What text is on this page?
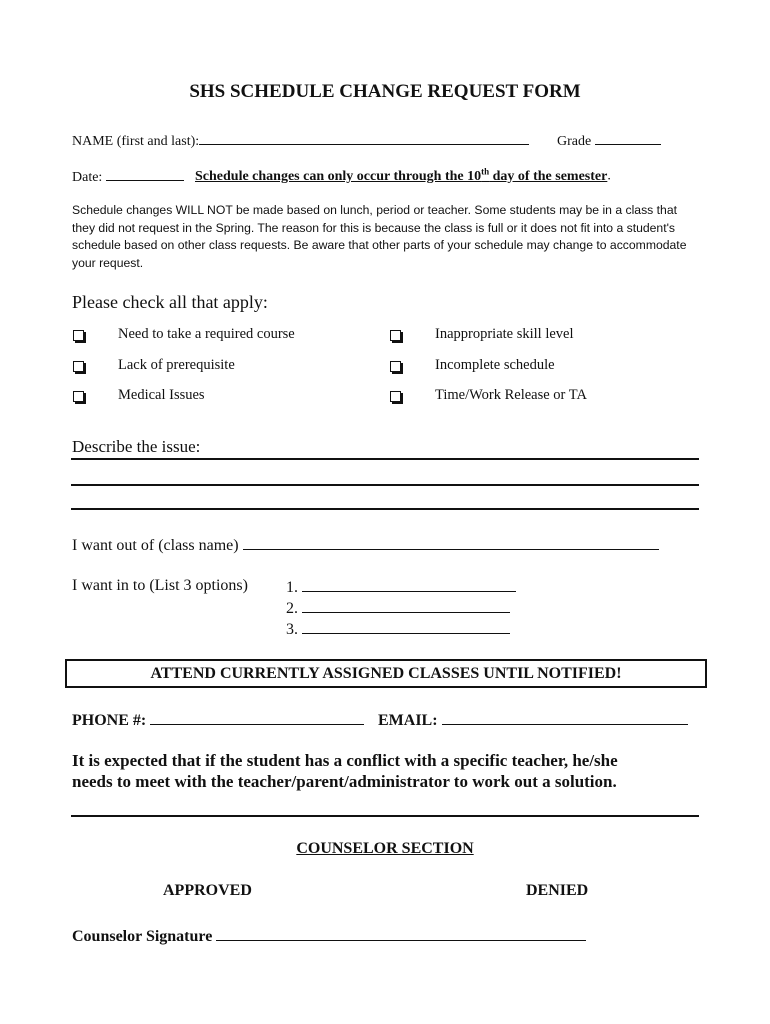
SHS SCHEDULE CHANGE REQUEST FORM
NAME (first and last):	Grade
Date:	Schedule changes can only occur through the 10th day of the semester.
Schedule changes WILL NOT be made based on lunch, period or teacher. Some students may be in a class that they did not request in the Spring. The reason for this is because the class is full or it does not fit into a student's schedule based on other class requests. Be aware that other parts of your schedule may change to accommodate your request.
Please check all that apply:
Need to take a required course
Lack of prerequisite
Medical Issues
Inappropriate skill level
Incomplete schedule
Time/Work Release or TA
Describe the issue:
I want out of (class name)
I want in to (List 3 options) 1.
2.
3.
ATTEND CURRENTLY ASSIGNED CLASSES UNTIL NOTIFIED!
PHONE #:	EMAIL:
It is expected that if the student has a conflict with a specific teacher, he/she
needs to meet with the teacher/parent/administrator to work out a solution.
COUNSELOR SECTION
APPROVED	DENIED
Counselor Signature
